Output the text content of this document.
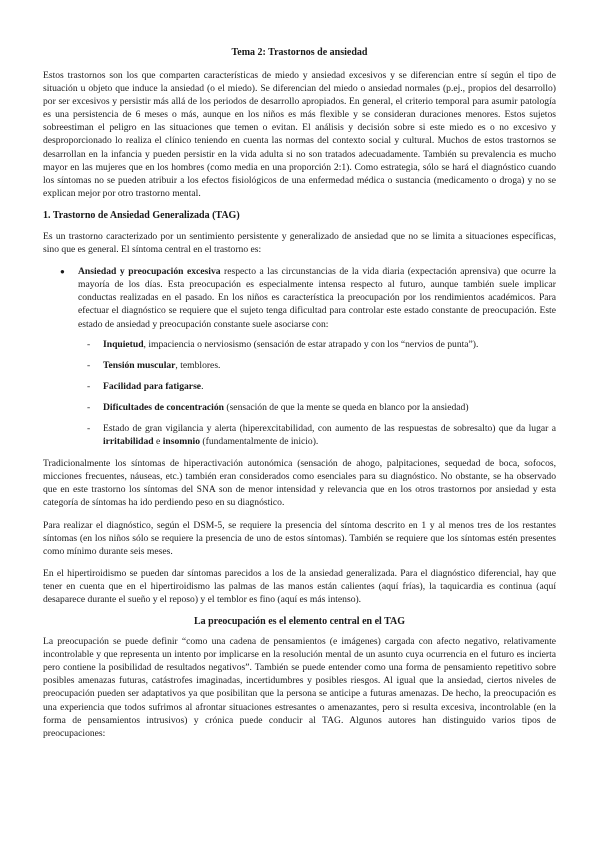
Tema 2: Trastornos de ansiedad

Estos trastornos son los que comparten características de miedo y ansiedad excesivos y se diferencian entre sí según el tipo de situación u objeto que induce la ansiedad (o el miedo). Se diferencian del miedo o ansiedad normales (p.ej., propios del desarrollo) por ser excesivos y persistir más allá de los periodos de desarrollo apropiados. En general, el criterio temporal para asumir patología es una persistencia de 6 meses o más, aunque en los niños es más flexible y se consideran duraciones menores. Estos sujetos sobreestiman el peligro en las situaciones que temen o evitan. El análisis y decisión sobre si este miedo es o no excesivo y desproporcionado lo realiza el clínico teniendo en cuenta las normas del contexto social y cultural. Muchos de estos trastornos se desarrollan en la infancia y pueden persistir en la vida adulta si no son tratados adecuadamente. También su prevalencia es mucho mayor en las mujeres que en los hombres (como media en una proporción 2:1). Como estrategia, sólo se hará el diagnóstico cuando los síntomas no se pueden atribuir a los efectos fisiológicos de una enfermedad médica o sustancia (medicamento o droga) y no se explican mejor por otro trastorno mental.

1. Trastorno de Ansiedad Generalizada (TAG)

Es un trastorno caracterizado por un sentimiento persistente y generalizado de ansiedad que no se limita a situaciones específicas, sino que es general. El síntoma central en el trastorno es:

● Ansiedad y preocupación excesiva respecto a las circunstancias de la vida diaria (expectación aprensiva) que ocurre la mayoría de los días. Esta preocupación es especialmente intensa respecto al futuro, aunque también suele implicar conductas realizadas en el pasado. En los niños es característica la preocupación por los rendimientos académicos. Para efectuar el diagnóstico se requiere que el sujeto tenga dificultad para controlar este estado constante de preocupación. Este estado de ansiedad y preocupación constante suele asociarse con:
- Inquietud, impaciencia o nerviosismo (sensación de estar atrapado y con los “nervios de punta”).
- Tensión muscular, temblores.
- Facilidad para fatigarse.
- Dificultades de concentración (sensación de que la mente se queda en blanco por la ansiedad)
- Estado de gran vigilancia y alerta (hiperexcitabilidad, con aumento de las respuestas de sobresalto) que da lugar a irritabilidad e insomnio (fundamentalmente de inicio).

Tradicionalmente los síntomas de hiperactivación autonómica (sensación de ahogo, palpitaciones, sequedad de boca, sofocos, micciones frecuentes, náuseas, etc.) también eran considerados como esenciales para su diagnóstico. No obstante, se ha observado que en este trastorno los síntomas del SNA son de menor intensidad y relevancia que en los otros trastornos por ansiedad y esta categoría de síntomas ha ido perdiendo peso en su diagnóstico.

Para realizar el diagnóstico, según el DSM-5, se requiere la presencia del síntoma descrito en 1 y al menos tres de los restantes síntomas (en los niños sólo se requiere la presencia de uno de estos síntomas). También se requiere que los síntomas estén presentes como mínimo durante seis meses.

En el hipertiroidismo se pueden dar síntomas parecidos a los de la ansiedad generalizada. Para el diagnóstico diferencial, hay que tener en cuenta que en el hipertiroidismo las palmas de las manos están calientes (aquí frías), la taquicardia es continua (aquí desaparece durante el sueño y el reposo) y el temblor es fino (aquí es más intenso).

La preocupación es el elemento central en el TAG

La preocupación se puede definir “como una cadena de pensamientos (e imágenes) cargada con afecto negativo, relativamente incontrolable y que representa un intento por implicarse en la resolución mental de un asunto cuya ocurrencia en el futuro es incierta pero contiene la posibilidad de resultados negativos”. También se puede entender como una forma de pensamiento repetitivo sobre posibles amenazas futuras, catástrofes imaginadas, incertidumbres y posibles riesgos. Al igual que la ansiedad, ciertos niveles de preocupación pueden ser adaptativos ya que posibilitan que la persona se anticipe a futuras amenazas. De hecho, la preocupación es una experiencia que todos sufrimos al afrontar situaciones estresantes o amenazantes, pero si resulta excesiva, incontrolable (en la forma de pensamientos intrusivos) y crónica puede conducir al TAG. Algunos autores han distinguido varios tipos de preocupaciones:
